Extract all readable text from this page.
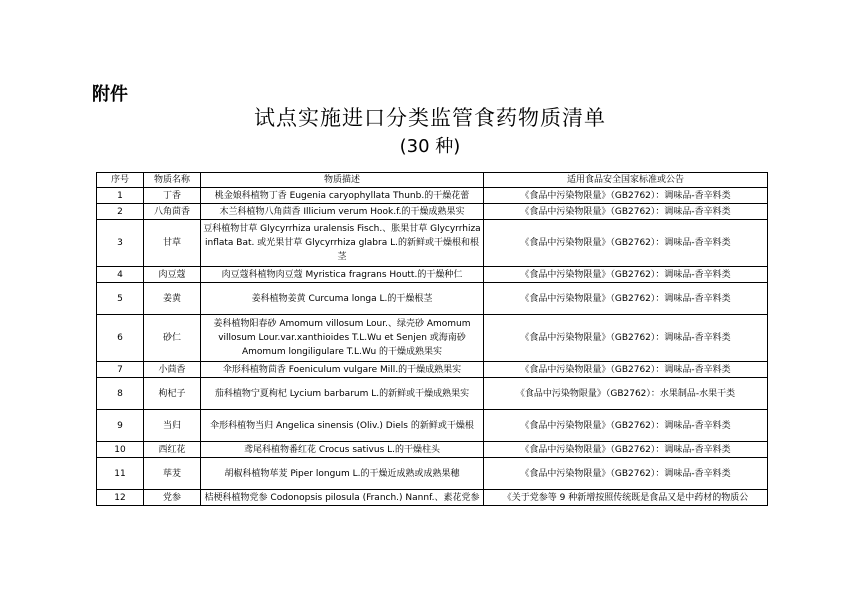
附件
试点实施进口分类监管食药物质清单
(30 种)
序号	物质名称	物质描述	适用食品安全国家标准或公告
1	丁香	桃金娘科植物丁香 Eugenia caryophyllata Thunb.的干燥花蕾	《食品中污染物限量》（GB2762）：调味品-香辛料类
2	八角茴香	木兰科植物八角茴香 Illicium verum Hook.f.的干燥成熟果实	《食品中污染物限量》（GB2762）：调味品-香辛料类
3	甘草	豆科植物甘草 Glycyrrhiza uralensis Fisch.、胀果甘草 Glycyrrhiza inflata Bat. 或光果甘草 Glycyrrhiza glabra L.的新鲜或干燥根和根茎	《食品中污染物限量》（GB2762）：调味品-香辛料类
4	肉豆蔻	肉豆蔻科植物肉豆蔻 Myristica fragrans Houtt.的干燥种仁	《食品中污染物限量》（GB2762）：调味品-香辛料类
5	姜黄	姜科植物姜黄 Curcuma longa L.的干燥根茎	《食品中污染物限量》（GB2762）：调味品-香辛料类
6	砂仁	姜科植物阳春砂 Amomum villosum Lour.、绿壳砂 Amomum villosum Lour.var.xanthioides T.L.Wu et Senjen 或海南砂 Amomum longiligulare T.L.Wu 的干燥成熟果实	《食品中污染物限量》（GB2762）：调味品-香辛料类
7	小茴香	伞形科植物茴香 Foeniculum vulgare Mill.的干燥成熟果实	《食品中污染物限量》（GB2762）：调味品-香辛料类
8	枸杞子	茄科植物宁夏枸杞 Lycium barbarum L.的新鲜或干燥成熟果实	《食品中污染物限量》（GB2762）：水果制品-水果干类
9	当归	伞形科植物当归 Angelica sinensis (Oliv.) Diels 的新鲜或干燥根	《食品中污染物限量》（GB2762）：调味品-香辛料类
10	西红花	鸢尾科植物番红花 Crocus sativus L.的干燥柱头	《食品中污染物限量》（GB2762）：调味品-香辛料类
11	荜茇	胡椒科植物荜茇 Piper longum L.的干燥近成熟或成熟果穗	《食品中污染物限量》（GB2762）：调味品-香辛料类
12	党参	桔梗科植物党参 Codonopsis pilosula (Franch.) Nannf.、素花党参	《关于党参等 9 种新增按照传统既是食品又是中药材的物质公
